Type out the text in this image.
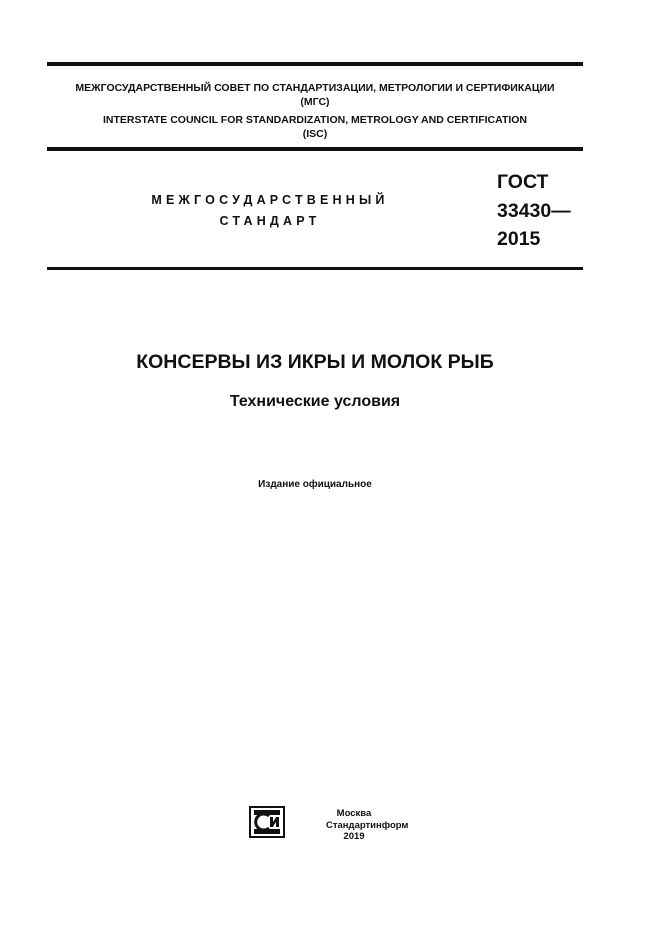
МЕЖГОСУДАРСТВЕННЫЙ СОВЕТ ПО СТАНДАРТИЗАЦИИ, МЕТРОЛОГИИ И СЕРТИФИКАЦИИ
(МГС)
INTERSTATE COUNCIL FOR STANDARDIZATION, METROLOGY AND CERTIFICATION
(ISC)
МЕЖГОСУДАРСТВЕННЫЙ
СТАНДАРТ
ГОСТ
33430—
2015
КОНСЕРВЫ ИЗ ИКРЫ И МОЛОК РЫБ
Технические условия
Издание официальное
Москва
Стандартинформ
2019
